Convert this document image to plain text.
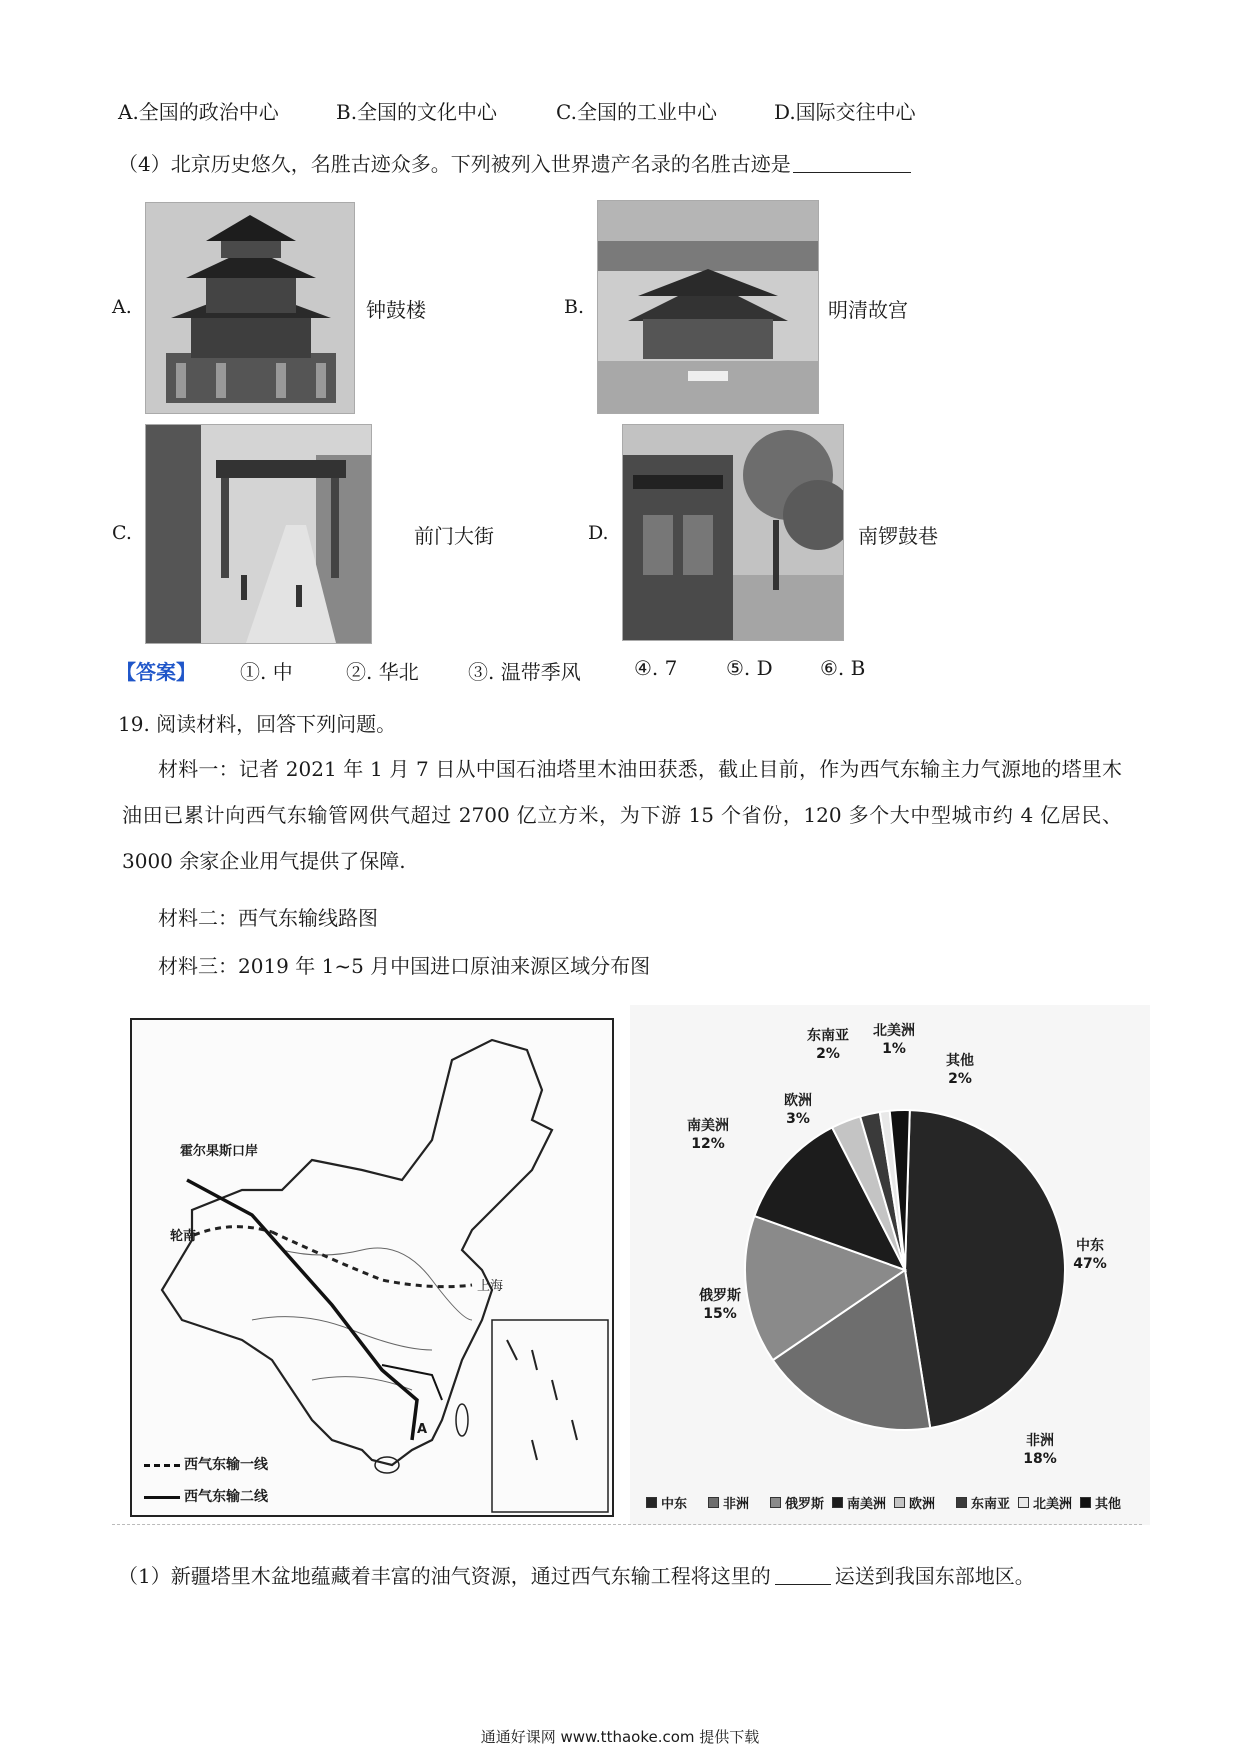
A.全国的政治中心	B.全国的文化中心	C.全国的工业中心	D.国际交往中心
（4）北京历史悠久，名胜古迹众多。下列被列入世界遗产名录的名胜古迹是
A.	钟鼓楼	B.	明清故宫
C.	前门大街	D.	南锣鼓巷
【答案】 ①. 中	②. 华北 ③. 温带季风	④. 7 ⑤. D ⑥. B
19. 阅读材料，回答下列问题。
材料一：记者 2021 年 1 月 7 日从中国石油塔里木油田获悉，截止目前，作为西气东输主力气源地的塔里木油田已累计向西气东输管网供气超过 2700 亿立方米，为下游 15 个省份，120 多个大中型城市约 4 亿居民、3000 余家企业用气提供了保障.
材料二：西气东输线路图
材料三：2019 年 1~5 月中国进口原油来源区域分布图
霍尔果斯口岸
轮南
上海
A
西气东输一线
西气东输二线
中东
47%
非洲
18%
俄罗斯
15%
南美洲
12%
欧洲
3%
东南亚
2%
北美洲
1%
其他
2%
中东	非洲	俄罗斯	南美洲	欧洲	东南亚	北美洲	其他
（1）新疆塔里木盆地蕴藏着丰富的油气资源，通过西气东输工程将这里的	运送到我国东部地区。
通通好课网 www.tthaoke.com 提供下载
